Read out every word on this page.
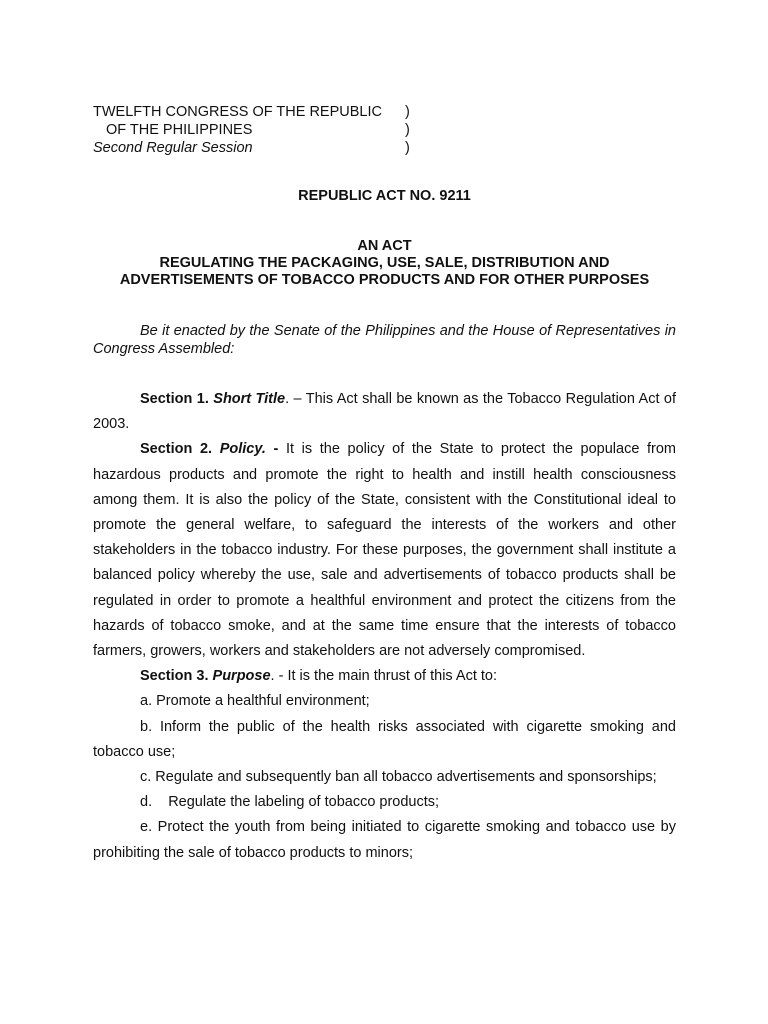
TWELFTH CONGRESS OF THE REPUBLIC )
OF THE PHILIPPINES	)
Second Regular Session	)
REPUBLIC ACT NO. 9211
AN ACT
REGULATING THE PACKAGING, USE, SALE, DISTRIBUTION AND
ADVERTISEMENTS OF TOBACCO PRODUCTS AND FOR OTHER PURPOSES
Be it enacted by the Senate of the Philippines and the House of Representatives in Congress Assembled:

Section 1. Short Title. – This Act shall be known as the Tobacco Regulation Act of 2003.

Section 2. Policy. - It is the policy of the State to protect the populace from hazardous products and promote the right to health and instill health consciousness among them. It is also the policy of the State, consistent with the Constitutional ideal to promote the general welfare, to safeguard the interests of the workers and other stakeholders in the tobacco industry. For these purposes, the government shall institute a balanced policy whereby the use, sale and advertisements of tobacco products shall be regulated in order to promote a healthful environment and protect the citizens from the hazards of tobacco smoke, and at the same time ensure that the interests of tobacco farmers, growers, workers and stakeholders are not adversely compromised.

Section 3. Purpose. - It is the main thrust of this Act to:

a. Promote a healthful environment;

b. Inform the public of the health risks associated with cigarette smoking and tobacco use;

c. Regulate and subsequently ban all tobacco advertisements and sponsorships;

d.    Regulate the labeling of tobacco products;

e. Protect the youth from being initiated to cigarette smoking and tobacco use by prohibiting the sale of tobacco products to minors;
